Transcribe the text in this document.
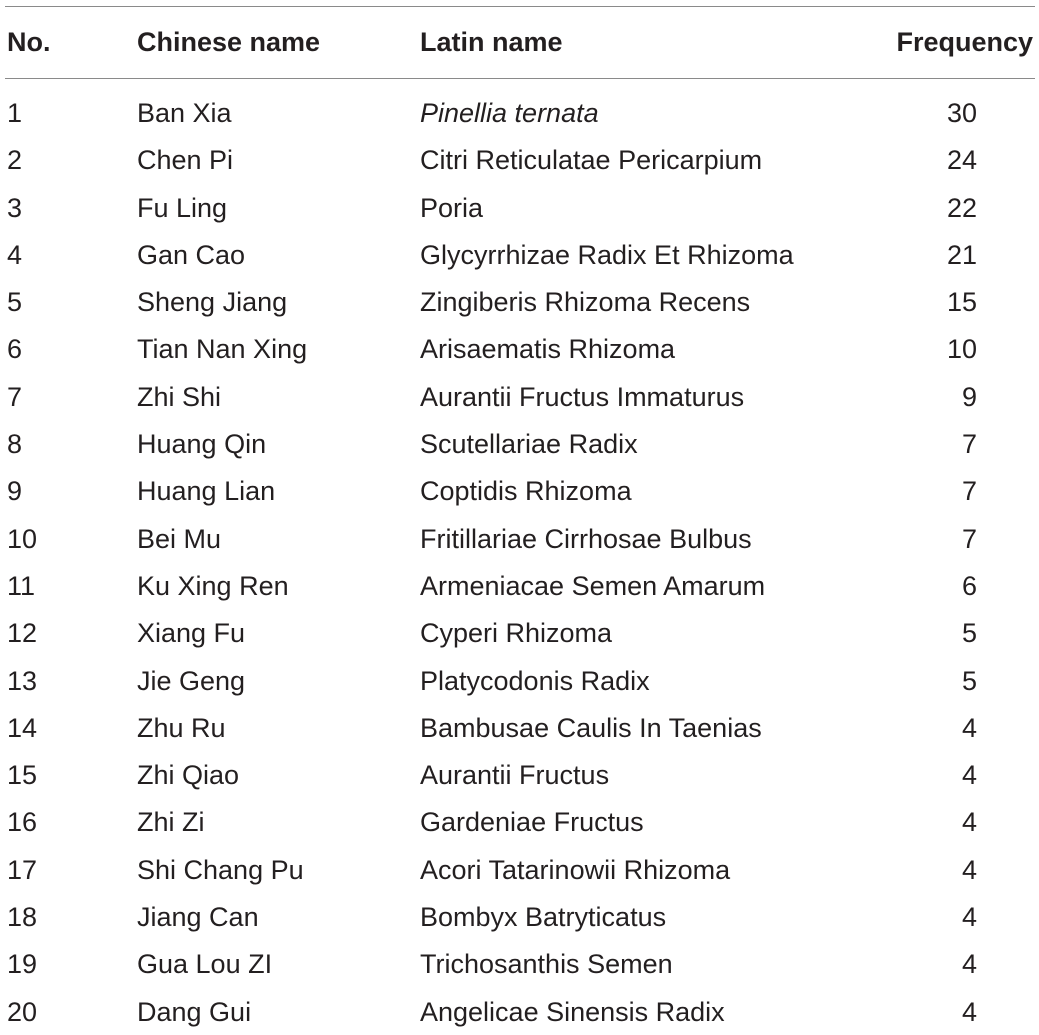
No.	Chinese name	Latin name	Frequency
1	Ban Xia	Pinellia ternata	30
2	Chen Pi	Citri Reticulatae Pericarpium	24
3	Fu Ling	Poria	22
4	Gan Cao	Glycyrrhizae Radix Et Rhizoma	21
5	Sheng Jiang	Zingiberis Rhizoma Recens	15
6	Tian Nan Xing	Arisaematis Rhizoma	10
7	Zhi Shi	Aurantii Fructus Immaturus	9
8	Huang Qin	Scutellariae Radix	7
9	Huang Lian	Coptidis Rhizoma	7
10	Bei Mu	Fritillariae Cirrhosae Bulbus	7
11	Ku Xing Ren	Armeniacae Semen Amarum	6
12	Xiang Fu	Cyperi Rhizoma	5
13	Jie Geng	Platycodonis Radix	5
14	Zhu Ru	Bambusae Caulis In Taenias	4
15	Zhi Qiao	Aurantii Fructus	4
16	Zhi Zi	Gardeniae Fructus	4
17	Shi Chang Pu	Acori Tatarinowii Rhizoma	4
18	Jiang Can	Bombyx Batryticatus	4
19	Gua Lou ZI	Trichosanthis Semen	4
20	Dang Gui	Angelicae Sinensis Radix	4
